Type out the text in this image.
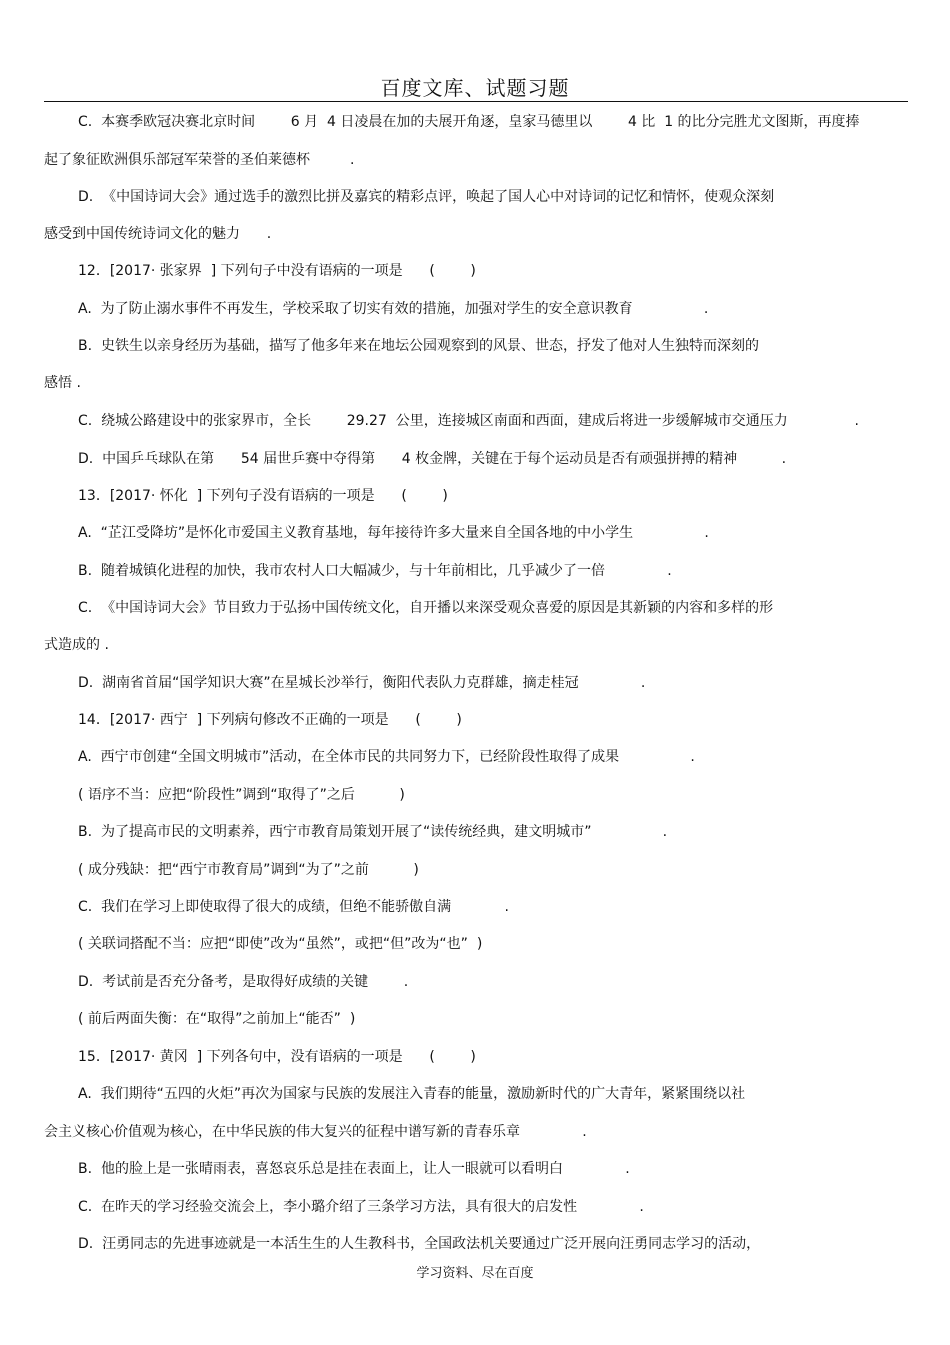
百度文库、试题习题
C.  本赛季欧冠决赛北京时间        6 月  4 日凌晨在加的夫展开角逐，皇家马德里以        4 比  1 的比分完胜尤文图斯，再度捧
起了象征欧洲俱乐部冠军荣誉的圣伯莱德杯         .
D.  《中国诗词大会》通过选手的激烈比拼及嘉宾的精彩点评，唤起了国人心中对诗词的记忆和情怀，使观众深刻
感受到中国传统诗词文化的魅力      .
12．[2017· 张家界  ] 下列句子中没有语病的一项是      (        )
A.  为了防止溺水事件不再发生，学校采取了切实有效的措施，加强对学生的安全意识教育                .
B.  史铁生以亲身经历为基础，描写了他多年来在地坛公园观察到的风景、世态，抒发了他对人生独特而深刻的
感悟 .
C.  绕城公路建设中的张家界市，全长        29.27  公里，连接城区南面和西面，建成后将进一步缓解城市交通压力               .
D.  中国乒乓球队在第      54 届世乒赛中夺得第      4 枚金牌，关键在于每个运动员是否有顽强拼搏的精神          .
13．[2017· 怀化  ] 下列句子没有语病的一项是      (        )
A.  “芷江受降坊”是怀化市爱国主义教育基地，每年接待许多大量来自全国各地的中小学生                .
B.  随着城镇化进程的加快，我市农村人口大幅减少，与十年前相比，几乎减少了一倍              .
C.  《中国诗词大会》节目致力于弘扬中国传统文化，自开播以来深受观众喜爱的原因是其新颖的内容和多样的形
式造成的 .
D.  湖南省首届“国学知识大赛”在星城长沙举行，衡阳代表队力克群雄，摘走桂冠              .
14．[2017· 西宁  ] 下列病句修改不正确的一项是      (        )
A.  西宁市创建“全国文明城市”活动，在全体市民的共同努力下，已经阶段性取得了成果                .
( 语序不当：应把“阶段性”调到“取得了”之后          )
B.  为了提高市民的文明素养，西宁市教育局策划开展了“读传统经典，建文明城市”                .
( 成分残缺：把“西宁市教育局”调到“为了”之前          )
C.  我们在学习上即使取得了很大的成绩，但绝不能骄傲自满            .
( 关联词搭配不当：应把“即使”改为“虽然”，或把“但”改为“也”  )
D.  考试前是否充分备考，是取得好成绩的关键        .
( 前后两面失衡：在“取得”之前加上“能否”  )
15．[2017· 黄冈  ] 下列各句中，没有语病的一项是      (        )
A.  我们期待“五四的火炬”再次为国家与民族的发展注入青春的能量，激励新时代的广大青年，紧紧围绕以社
会主义核心价值观为核心，在中华民族的伟大复兴的征程中谱写新的青春乐章              .
B.  他的脸上是一张晴雨表，喜怒哀乐总是挂在表面上，让人一眼就可以看明白              .
C.  在昨天的学习经验交流会上，李小璐介绍了三条学习方法，具有很大的启发性              .
D.  汪勇同志的先进事迹就是一本活生生的人生教科书，全国政法机关要通过广泛开展向汪勇同志学习的活动，
学习资料、尽在百度
